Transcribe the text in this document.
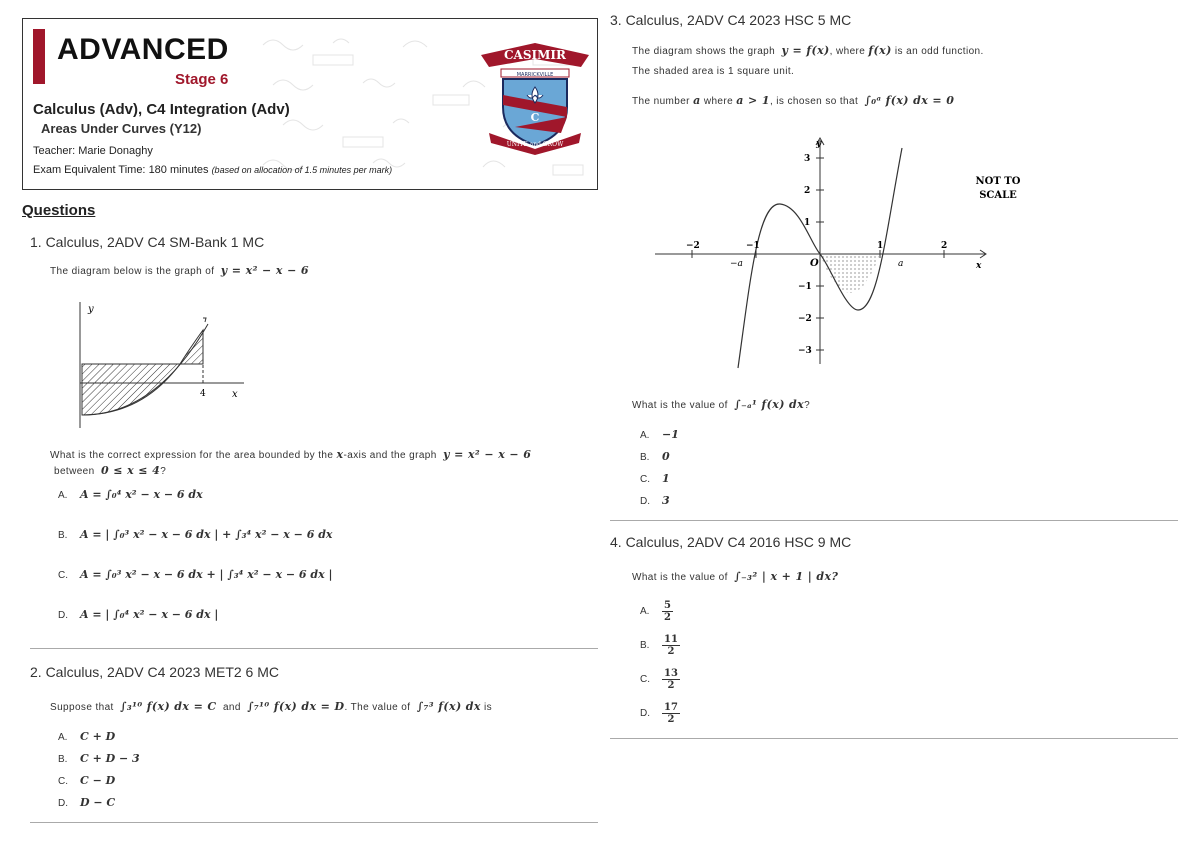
ADVANCED
Stage 6
Calculus (Adv), C4 Integration (Adv)
Areas Under Curves (Y12)
Teacher: Marie Donaghy
Exam Equivalent Time: 180 minutes (based on allocation of 1.5 minutes per mark)
CASIMIR
MARRICKVILLE
C
UNITE and GROW
Questions
1. Calculus, 2ADV C4 SM-Bank 1 MC
The diagram below is the graph of y = x² − x − 6
y
x
4
What is the correct expression for the area bounded by the x-axis and the graph y = x² − x − 6
between 0 ≤ x ≤ 4?
A. A = ∫₀⁴ x² − x − 6 dx
B. A = | ∫₀³ x² − x − 6 dx | + ∫₃⁴ x² − x − 6 dx
C. A = ∫₀³ x² − x − 6 dx + | ∫₃⁴ x² − x − 6 dx |
D. A = | ∫₀⁴ x² − x − 6 dx |
2. Calculus, 2ADV C4 2023 MET2 6 MC
Suppose that ∫₃¹⁰ f(x) dx = C and ∫₇¹⁰ f(x) dx = D. The value of ∫₇³ f(x) dx is
A. C + D
B. C + D − 3
C. C − D
D. D − C
3. Calculus, 2ADV C4 2023 HSC 5 MC
The diagram shows the graph y = f(x), where f(x) is an odd function.
The shaded area is 1 square unit.
The number a where a > 1, is chosen so that ∫₀ᵃ f(x) dx = 0
y
x
O	a
−a
−2	−1	1	2
3
2
1
−1
−2
−3
NOT TO
SCALE
What is the value of ∫₋ₐ¹ f(x) dx?
A. −1
B. 0
C. 1
D. 3
4. Calculus, 2ADV C4 2016 HSC 9 MC
What is the value of ∫₋₃² | x + 1 | dx?
A. $\frac{5}{2}$
B. $\frac{11}{2}$
C. $\frac{13}{2}$
D. $\frac{17}{2}$
